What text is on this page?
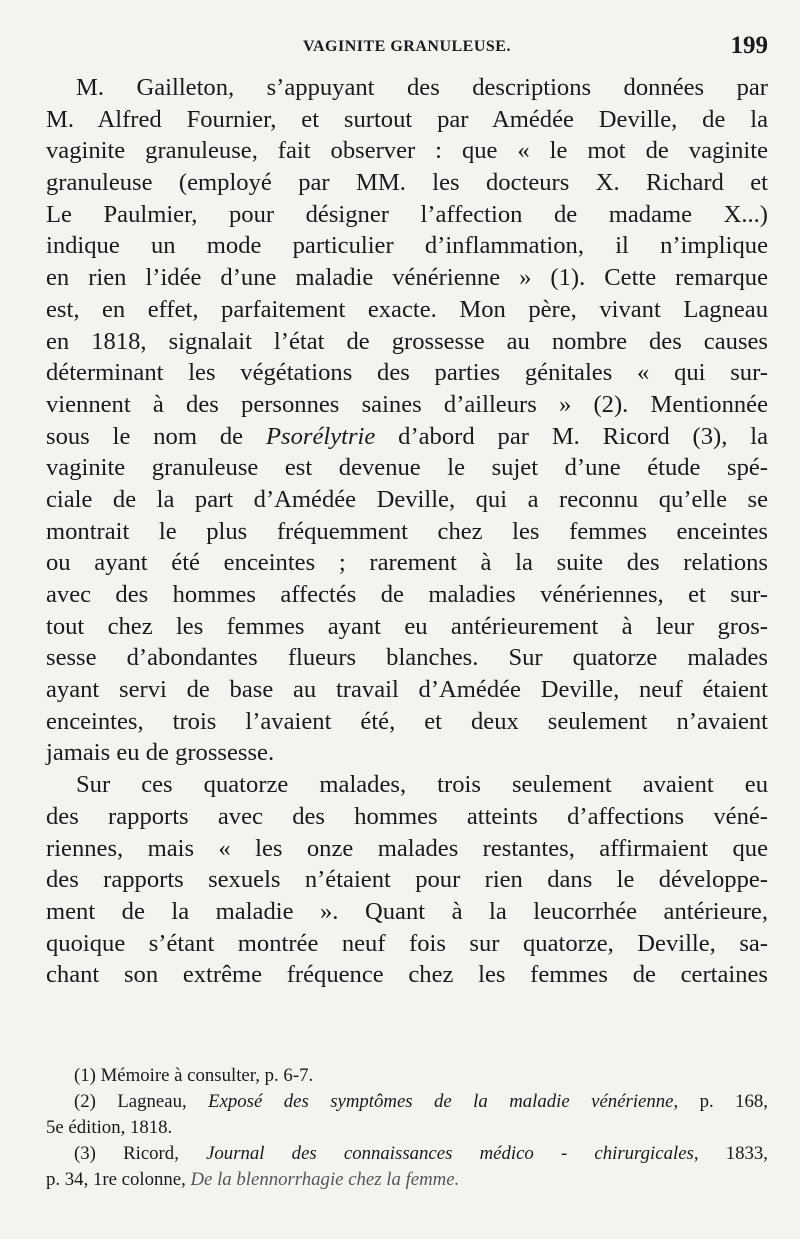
VAGINITE GRANULEUSE.	199
M. Gailleton, s’appuyant des descriptions données par
M. Alfred Fournier, et surtout par Amédée Deville, de la
vaginite granuleuse, fait observer : que « le mot de vaginite
granuleuse (employé par MM. les docteurs X. Richard et
Le Paulmier, pour désigner l’affection de madame X...)
indique un mode particulier d’inflammation, il n’implique
en rien l’idée d’une maladie vénérienne » (1). Cette remarque
est, en effet, parfaitement exacte. Mon père, vivant Lagneau
en 1818, signalait l’état de grossesse au nombre des causes
déterminant les végétations des parties génitales « qui sur-
viennent à des personnes saines d’ailleurs » (2). Mentionnée
sous le nom de Psorélytrie d’abord par M. Ricord (3), la
vaginite granuleuse est devenue le sujet d’une étude spé-
ciale de la part d’Amédée Deville, qui a reconnu qu’elle se
montrait le plus fréquemment chez les femmes enceintes
ou ayant été enceintes ; rarement à la suite des relations
avec des hommes affectés de maladies vénériennes, et sur-
tout chez les femmes ayant eu antérieurement à leur gros-
sesse d’abondantes flueurs blanches. Sur quatorze malades
ayant servi de base au travail d’Amédée Deville, neuf étaient
enceintes, trois l’avaient été, et deux seulement n’avaient
jamais eu de grossesse.
Sur ces quatorze malades, trois seulement avaient eu
des rapports avec des hommes atteints d’affections véné-
riennes, mais « les onze malades restantes, affirmaient que
des rapports sexuels n’étaient pour rien dans le développe-
ment de la maladie ». Quant à la leucorrhée antérieure,
quoique s’étant montrée neuf fois sur quatorze, Deville, sa-
chant son extrême fréquence chez les femmes de certaines
(1) Mémoire à consulter, p. 6-7.
(2) Lagneau, Exposé des symptômes de la maladie vénérienne, p. 168,
5e édition, 1818.
(3) Ricord, Journal des connaissances médico - chirurgicales, 1833,
p. 34, 1re colonne, De la blennorrhagie chez la femme.
